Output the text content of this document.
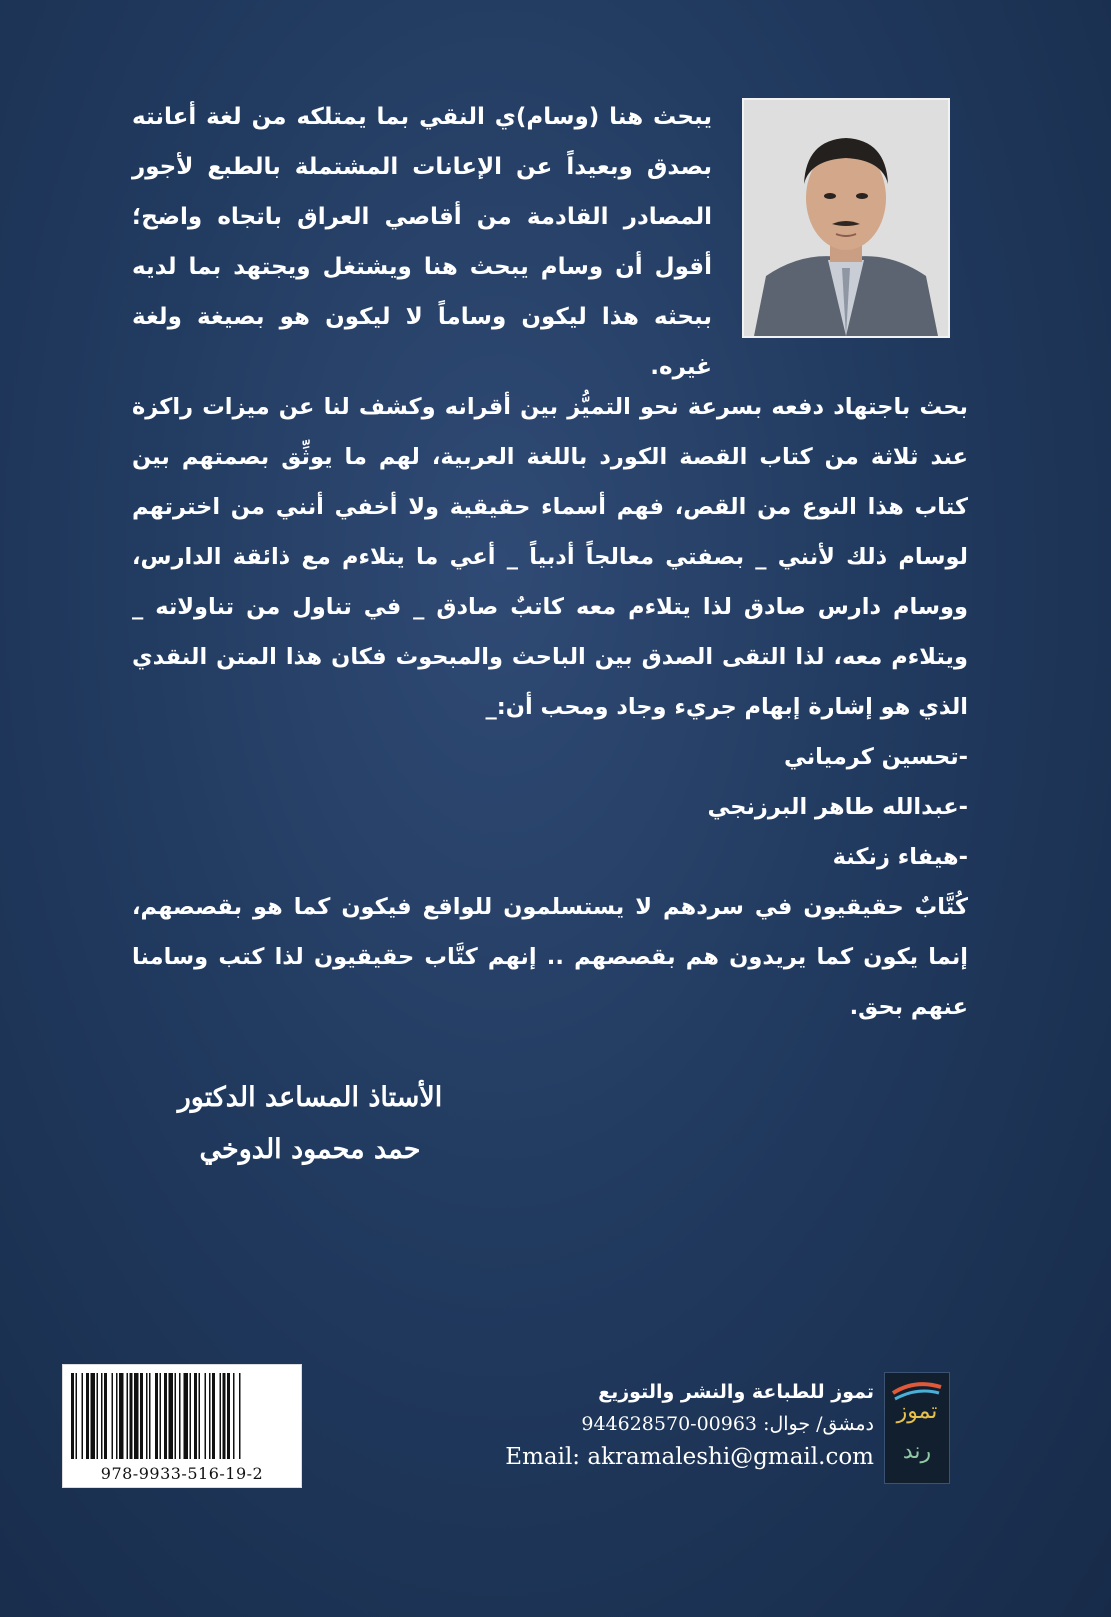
يبحث هنا (وسام)ي النقي بما يمتلكه من لغة أعانته بصدق وبعيداً عن الإعانات المشتملة بالطبع لأجور المصادر القادمة من أقاصي العراق باتجاه واضح؛ أقول أن وسام يبحث هنا ويشتغل ويجتهد بما لديه ببحثه هذا ليكون وساماً لا ليكون هو بصيغة ولغة غيره.

بحث باجتهاد دفعه بسرعة نحو التميُّز بين أقرانه وكشف لنا عن ميزات راكزة عند ثلاثة من كتاب القصة الكورد باللغة العربية، لهم ما يوثِّق بصمتهم بين كتاب هذا النوع من القص، فهم أسماء حقيقية ولا أخفي أنني من اخترتهم لوسام ذلك لأنني _ بصفتي معالجاً أدبياً _ أعي ما يتلاءم مع ذائقة الدارس، ووسام دارس صادق لذا يتلاءم معه كاتبٌ صادق _ في تناول من تناولاته _ ويتلاءم معه، لذا التقى الصدق بين الباحث والمبحوث فكان هذا المتن النقدي الذي هو إشارة إبهام جريء وجاد ومحب أن:_

-تحسين كرمياني
-عبدالله طاهر البرزنجي
-هيفاء زنكنة

كُتَّابٌ حقيقيون في سردهم لا يستسلمون للواقع فيكون كما هو بقصصهم، إنما يكون كما يريدون هم بقصصهم .. إنهم كتَّاب حقيقيون لذا كتب وسامنا عنهم بحق.

الأستاذ المساعد الدكتور
حمد محمود الدوخي
978-9933-516-19-2
تموز للطباعة والنشر والتوزيع
دمشق/ جوال: 00963-944628570
Email: akramaleshi@gmail.com
تموز
رند
